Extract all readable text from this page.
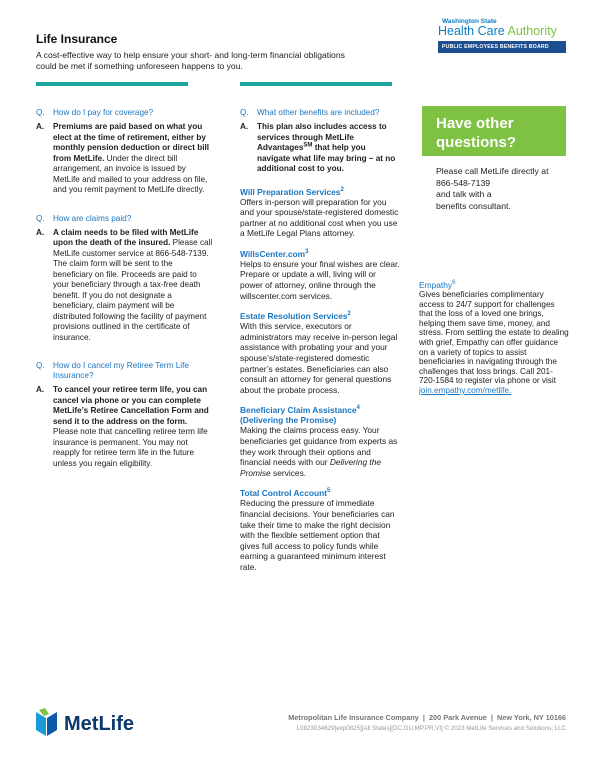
Life Insurance
A cost-effective way to help ensure your short- and long-term financial obligations could be met if something unforeseen happens to you.
Washington State
Health Care Authority
PUBLIC EMPLOYEES BENEFITS BOARD
Q.	How do I pay for coverage?
A.	Premiums are paid based on what you elect at the time of retirement, either by monthly pension deduction or direct bill from MetLife. Under the direct bill arrangement, an invoice is issued by MetLife and mailed to your address on file, and you remit payment to MetLife directly.
Q.	How are claims paid?
A.	A claim needs to be filed with MetLife upon the death of the insured. Please call MetLife customer service at 866-548-7139. The claim form will be sent to the beneficiary on file. Proceeds are paid to your beneficiary through a tax-free death benefit. If you do not designate a beneficiary, claim payment will be distributed following the facility of payment provisions outlined in the certificate of insurance.
Q.	How do I cancel my Retiree Term Life Insurance?
A.	To cancel your retiree term life, you can cancel via phone or you can complete MetLife’s Retiree Cancellation Form and send it to the address on the form. Please note that cancelling retiree term life insurance is permanent. You may not reapply for retiree term life in the future unless you regain eligibility.
Q.	What other benefits are included?
A.	This plan also includes access to services through MetLife Advantages℠ that help you navigate what life may bring – at no additional cost to you.
Will Preparation Services$^2$
Offers in-person will preparation for you and your spouse/state-registered domestic partner at no additional cost when you use a MetLife Legal Plans attorney.
WillsCenter.com$^3$
Helps to ensure your final wishes are clear. Prepare or update a will, living will or power of attorney, online through the willscenter.com services.
Estate Resolution Services$^2$
With this service, executors or administrators may receive in-person legal assistance with probating your and your spouse’s/state-registered domestic partner’s estates. Beneficiaries can also consult an attorney for general questions about the probate process.
Beneficiary Claim Assistance$^4$
(Delivering the Promise)
Making the claims process easy. Your beneficiaries get guidance from experts as they work through their options and financial needs with our Delivering the Promise services.
Total Control Account$^5$
Reducing the pressure of immediate financial decisions. Your beneficiaries can take their time to make the right decision with the flexible settlement option that gives full access to policy funds while earning a guaranteed minimum interest rate.
Have other
questions?
Please call MetLife directly at
866-548-7139
and talk with a
benefits consultant.
Empathy$^6$
Gives beneficiaries complimentary access to 24/7 support for challenges that the loss of a loved one brings, helping them save time, money, and stress. From settling the estate to dealing with grief, Empathy can offer guidance on a variety of topics to assist beneficiaries in navigating through the challenges that loss brings. Call 201-720-1584 to register via phone or visit join.empathy.com/metlife.
MetLife	Metropolitan Life Insurance Company  |  200 Park Avenue  |  New York, NY 10166
L0823034629[exp0825][All States][DC,GU,MP,PR,VI] © 2023 MetLife Services and Solutions, LLC
